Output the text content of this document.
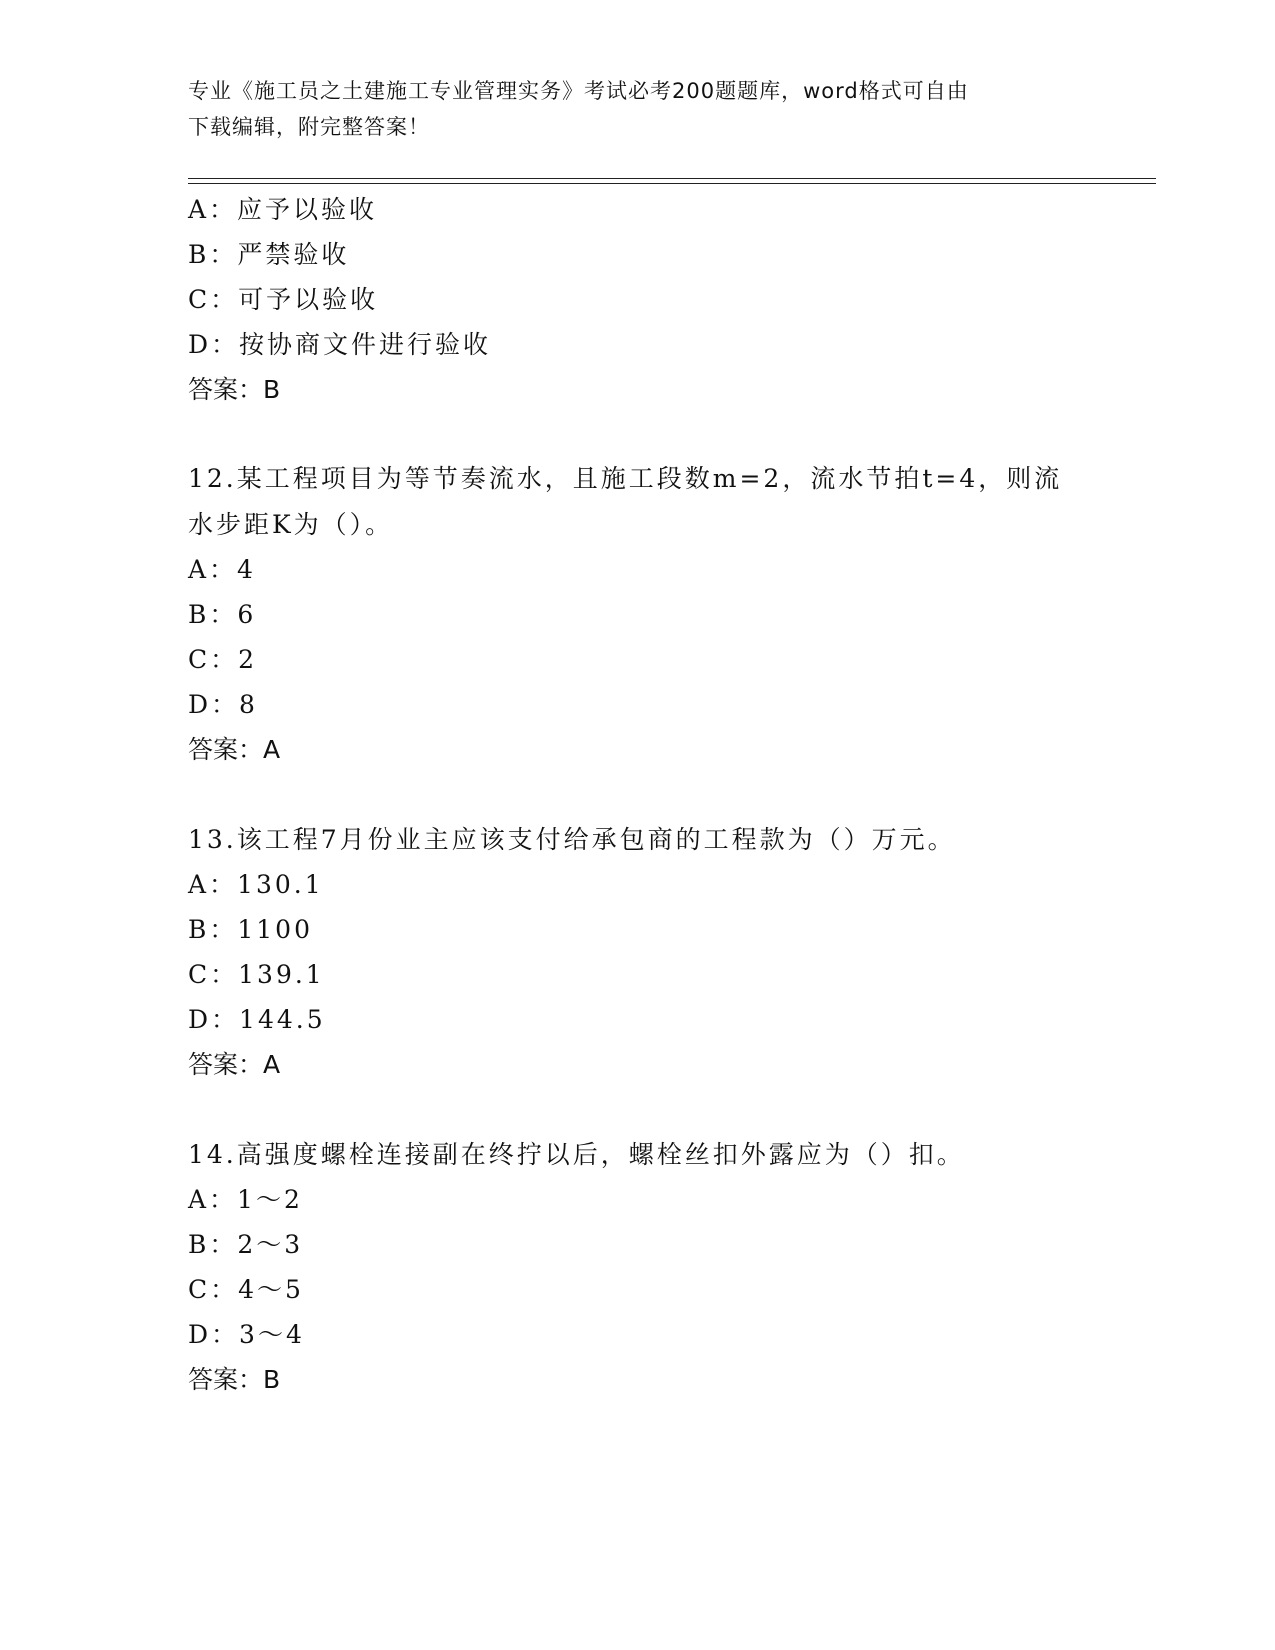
专业《施工员之土建施工专业管理实务》考试必考200题题库，word格式可自由
下载编辑，附完整答案！
A：应予以验收
B：严禁验收
C：可予以验收
D：按协商文件进行验收
答案：B
12.某工程项目为等节奏流水，且施工段数m=2，流水节拍t=4，则流水步距K为（）。
A：4
B：6
C：2
D：8
答案：A
13.该工程7月份业主应该支付给承包商的工程款为（）万元。
A：130.1
B：1100
C：139.1
D：144.5
答案：A
14.高强度螺栓连接副在终拧以后，螺栓丝扣外露应为（）扣。
A：1～2
B：2～3
C：4～5
D：3～4
答案：B
